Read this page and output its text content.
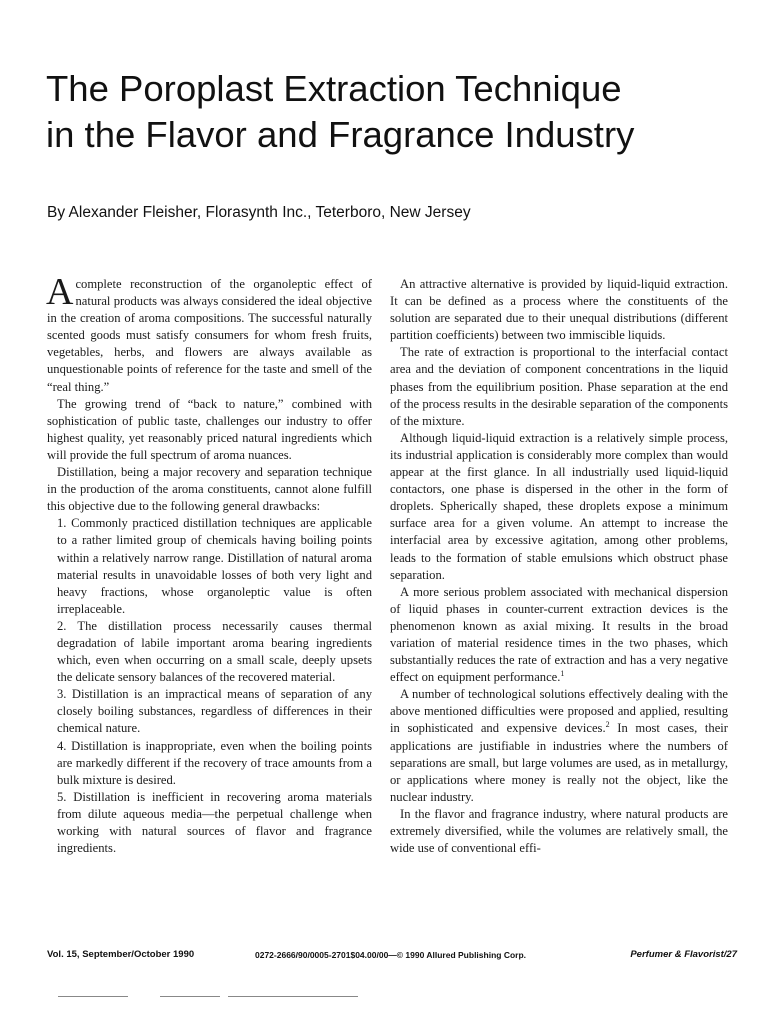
The Poroplast Extraction Technique
in the Flavor and Fragrance Industry

By Alexander Fleisher, Florasynth Inc., Teterboro, New Jersey

Acomplete reconstruction of the organoleptic effect of natural products was always considered the ideal objective in the creation of aroma compositions. The successful naturally scented goods must satisfy consumers for whom fresh fruits, vegetables, herbs, and flowers are always available as unquestionable points of reference for the taste and smell of the “real thing.”

The growing trend of “back to nature,” combined with sophistication of public taste, challenges our industry to offer highest quality, yet reasonably priced natural ingredients which will provide the full spectrum of aroma nuances.

Distillation, being a major recovery and separation technique in the production of the aroma constituents, cannot alone fulfill this objective due to the following general drawbacks:

1. Commonly practiced distillation techniques are applicable to a rather limited group of chemicals having boiling points within a relatively narrow range. Distillation of natural aroma material results in unavoidable losses of both very light and heavy fractions, whose organoleptic value is often irreplaceable.

2. The distillation process necessarily causes thermal degradation of labile important aroma bearing ingredients which, even when occurring on a small scale, deeply upsets the delicate sensory balances of the recovered material.

3. Distillation is an impractical means of separation of any closely boiling substances, regardless of differences in their chemical nature.

4. Distillation is inappropriate, even when the boiling points are markedly different if the recovery of trace amounts from a bulk mixture is desired.

5. Distillation is inefficient in recovering aroma materials from dilute aqueous media—the perpetual challenge when working with natural sources of flavor and fragrance ingredients.

An attractive alternative is provided by liquid-liquid extraction. It can be defined as a process where the constituents of the solution are separated due to their unequal distributions (different partition coefficients) between two immiscible liquids.

The rate of extraction is proportional to the interfacial contact area and the deviation of component concentrations in the liquid phases from the equilibrium position. Phase separation at the end of the process results in the desirable separation of the components of the mixture.

Although liquid-liquid extraction is a relatively simple process, its industrial application is considerably more complex than would appear at the first glance. In all industrially used liquid-liquid contactors, one phase is dispersed in the other in the form of droplets. Spherically shaped, these droplets expose a minimum surface area for a given volume. An attempt to increase the interfacial area by excessive agitation, among other problems, leads to the formation of stable emulsions which obstruct phase separation.

A more serious problem associated with mechanical dispersion of liquid phases in counter-current extraction devices is the phenomenon known as axial mixing. It results in the broad variation of material residence times in the two phases, which substantially reduces the rate of extraction and has a very negative effect on equipment performance.$^1$

A number of technological solutions effectively dealing with the above mentioned difficulties were proposed and applied, resulting in sophisticated and expensive devices.$^2$ In most cases, their applications are justifiable in industries where the numbers of separations are small, but large volumes are used, as in metallurgy, or applications where money is really not the object, like the nuclear industry.

In the flavor and fragrance industry, where natural products are extremely diversified, while the volumes are relatively small, the wide use of conventional effi-

Vol. 15, September/October 1990	0272-2666/90/0005-2701$04.00/00—© 1990 Allured Publishing Corp.	Perfumer & Flavorist/27
